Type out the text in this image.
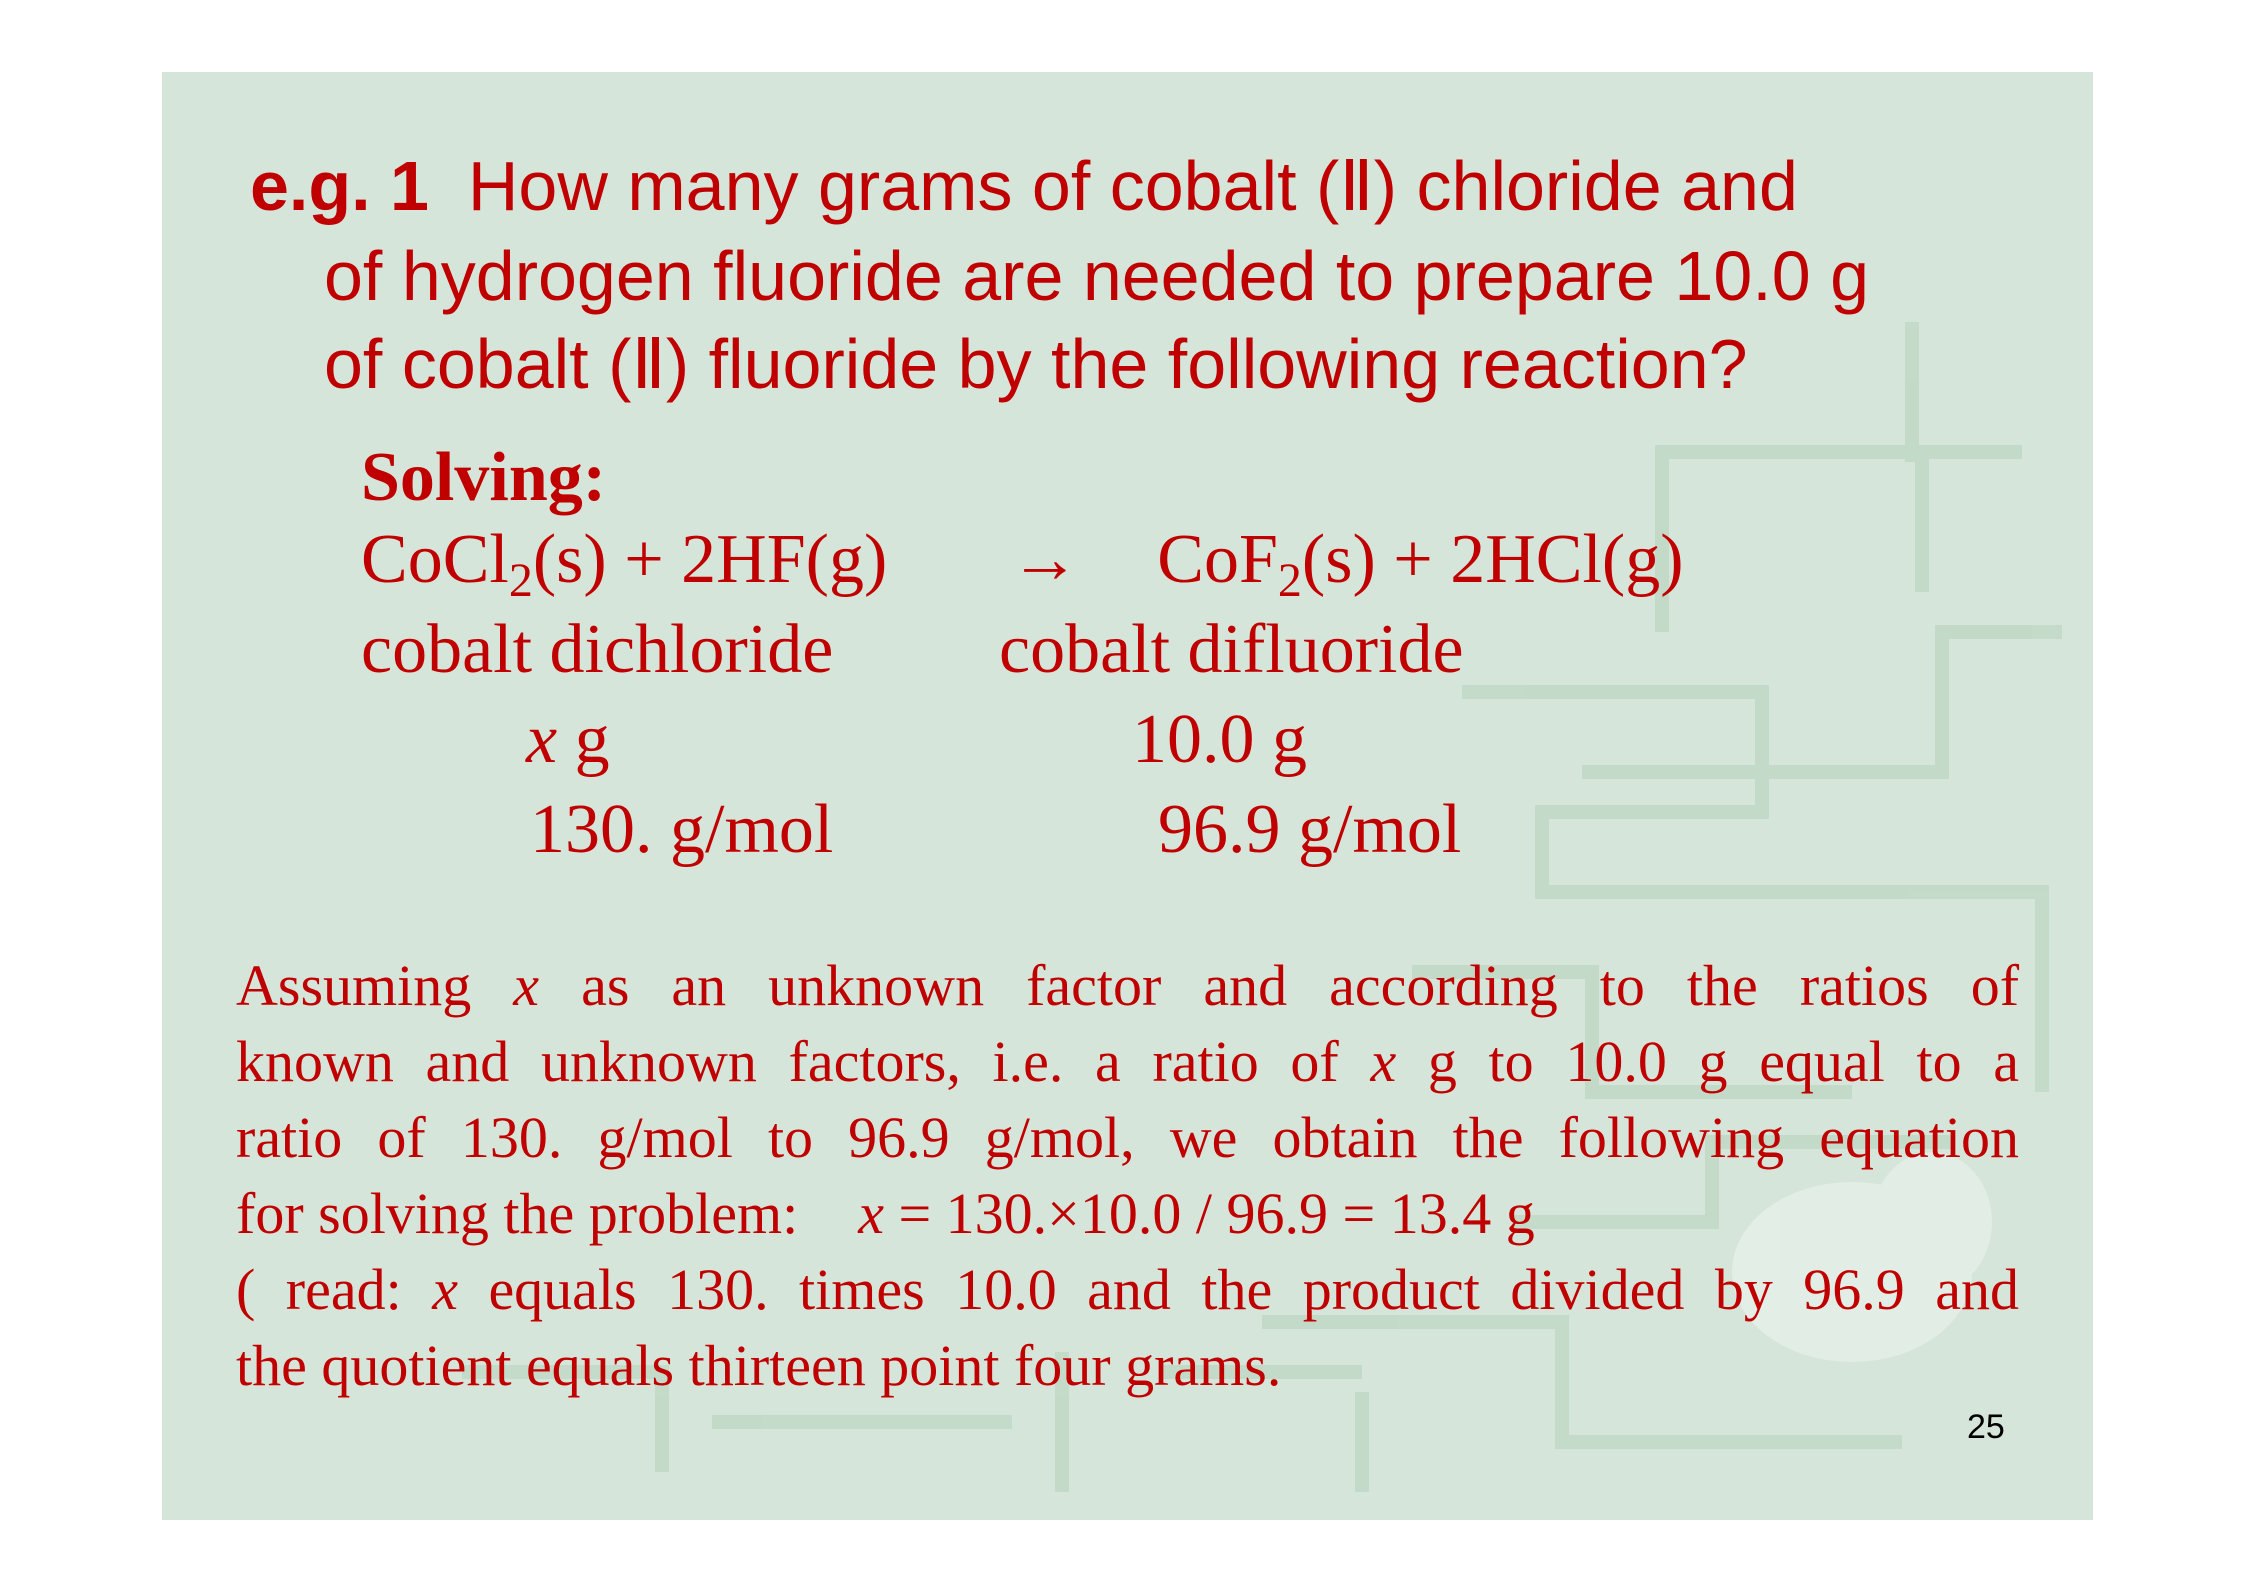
e.g. 1 How many grams of cobalt (Ⅱ) chloride and
of hydrogen fluoride are needed to prepare 10.0 g
of cobalt (Ⅱ) fluoride by the following reaction?
Solving:
CoCl$_2$(s) + 2HF(g) → CoF$_2$(s) + 2HCl(g)
cobalt dichloride cobalt difluoride
x g	10.0 g
130. g/mol	96.9 g/mol
Assuming x as an unknown factor and according to the ratios of
known and unknown factors, i.e. a ratio of x g to 10.0 g equal to a
ratio of 130. g/mol to 96.9 g/mol, we obtain the following equation
for solving the problem: x = 130.×10.0 / 96.9 = 13.4 g
( read: x equals 130. times 10.0 and the product divided by 96.9 and
the quotient equals thirteen point four grams.
25
